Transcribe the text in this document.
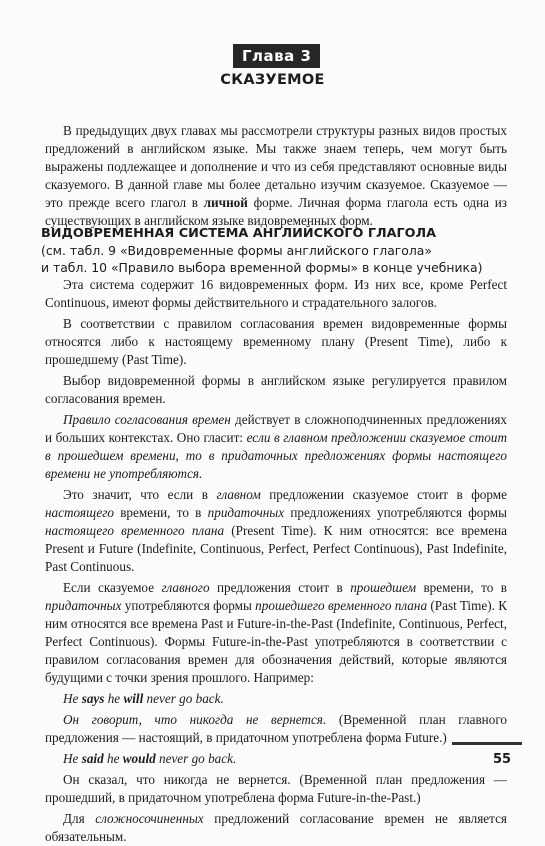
Глава 3
СКАЗУЕМОЕ

В предыдущих двух главах мы рассмотрели структуры разных видов простых предложений в английском языке. Мы также знаем теперь, чем могут быть выражены подлежащее и дополнение и что из себя представляют основные виды сказуемого. В данной главе мы более детально изучим сказуемое. Сказуемое — это прежде всего глагол в личной форме. Личная форма глагола есть одна из существующих в английском языке видовременных форм.

ВИДОВРЕМЕННАЯ СИСТЕМА АНГЛИЙСКОГО ГЛАГОЛА
(см. табл. 9 «Видовременные формы английского глагола»
и табл. 10 «Правило выбора временной формы» в конце учебника)

Эта система содержит 16 видовременных форм. Из них все, кроме Perfect Continuous, имеют формы действительного и страдательного залогов.

В соответствии с правилом согласования времен видовременные формы относятся либо к настоящему временному плану (Present Time), либо к прошедшему (Past Time).

Выбор видовременной формы в английском языке регулируется правилом согласования времен.

Правило согласования времен действует в сложноподчиненных предложениях и больших контекстах. Оно гласит: если в главном предложении сказуемое стоит в прошедшем времени, то в придаточных предложениях формы настоящего времени не употребляются.

Это значит, что если в главном предложении сказуемое стоит в форме настоящего времени, то в придаточных предложениях употребляются формы настоящего временного плана (Present Time). К ним относятся: все времена Present и Future (Indefinite, Continuous, Perfect, Perfect Continuous), Past Indefinite, Past Continuous.

Если сказуемое главного предложения стоит в прошедшем времени, то в придаточных употребляются формы прошедшего временного плана (Past Time). К ним относятся все времена Past и Future-in-the-Past (Indefinite, Continuous, Perfect, Perfect Continuous). Формы Future-in-the-Past употребляются в соответствии с правилом согласования времен для обозначения действий, которые являются будущими с точки зрения прошлого. Например:

He says he will never go back.

Он говорит, что никогда не вернется. (Временной план главного предложения — настоящий, в придаточном употреблена форма Future.)

He said he would never go back.

Он сказал, что никогда не вернется. (Временной план предложения — прошедший, в придаточном употреблена форма Future-in-the-Past.)

Для сложносочиненных предложений согласование времен не является обязательным.

55
